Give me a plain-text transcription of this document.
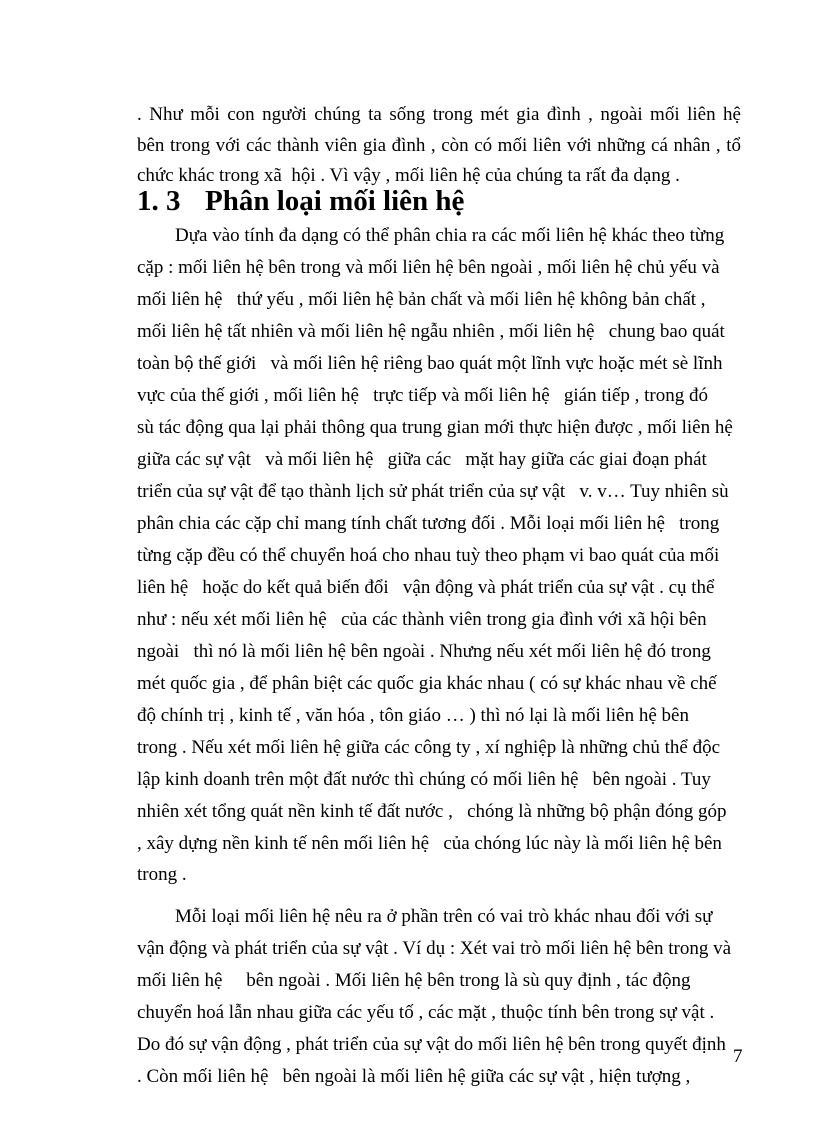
. Như mỗi con người chúng ta sống trong mét gia đình , ngoài mối liên hệ
bên trong với các thành viên gia đình , còn có mối liên với những cá nhân , tổ
chức khác trong xã  hội . Vì vậy , mối liên hệ của chúng ta rất đa dạng .
1. 3 Phân loại mối liên hệ
Dựa vào tính đa dạng có thể phân chia ra các mối liên hệ khác theo từng
cặp : mối liên hệ bên trong và mối liên hệ bên ngoài , mối liên hệ chủ yếu và
mối liên hệ   thứ yếu , mối liên hệ bản chất và mối liên hệ không bản chất ,
mối liên hệ tất nhiên và mối liên hệ ngẫu nhiên , mối liên hệ   chung bao quát
toàn bộ thế giới   và mối liên hệ riêng bao quát một lĩnh vực hoặc mét sè lĩnh
vực của thế giới , mối liên hệ   trực tiếp và mối liên hệ   gián tiếp , trong đó
sù tác động qua lại phải thông qua trung gian mới thực hiện được , mối liên hệ
giữa các sự vật   và mối liên hệ   giữa các   mặt hay giữa các giai đoạn phát
triển của sự vật để tạo thành lịch sử phát triển của sự vật   v. v… Tuy nhiên sù
phân chia các cặp chỉ mang tính chất tương đối . Mỗi loại mối liên hệ   trong
từng cặp đều có thể chuyển hoá cho nhau tuỳ theo phạm vi bao quát của mối
liên hệ   hoặc do kết quả biến đổi   vận động và phát triển của sự vật . cụ thể
như : nếu xét mối liên hệ   của các thành viên trong gia đình với xã hội bên
ngoài   thì nó là mối liên hệ bên ngoài . Nhưng nếu xét mối liên hệ đó trong
mét quốc gia , để phân biệt các quốc gia khác nhau ( có sự khác nhau về chế
độ chính trị , kinh tế , văn hóa , tôn giáo … ) thì nó lại là mối liên hệ bên
trong . Nếu xét mối liên hệ giữa các công ty , xí nghiệp là những chủ thể độc
lập kinh doanh trên một đất nước thì chúng có mối liên hệ   bên ngoài . Tuy
nhiên xét tổng quát nền kinh tế đất nước ,   chóng là những bộ phận đóng góp
, xây dựng nền kinh tế nên mối liên hệ   của chóng lúc này là mối liên hệ bên
trong .
Mỗi loại mối liên hệ nêu ra ở phần trên có vai trò khác nhau đối với sự
vận động và phát triển của sự vật . Ví dụ : Xét vai trò mối liên hệ bên trong và
mối liên hệ     bên ngoài . Mối liên hệ bên trong là sù quy định , tác động
chuyển hoá lẫn nhau giữa các yếu tố , các mặt , thuộc tính bên trong sự vật .
Do đó sự vận động , phát triển của sự vật do mối liên hệ bên trong quyết định
. Còn mối liên hệ   bên ngoài là mối liên hệ giữa các sự vật , hiện tượng ,
7
